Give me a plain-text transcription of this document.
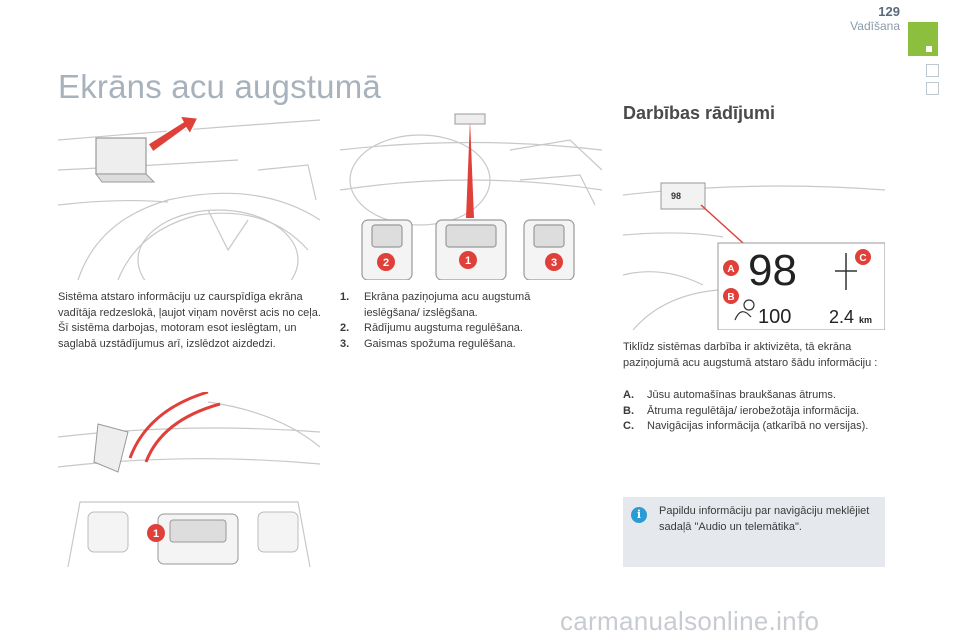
129
Vadīšana
Ekrāns acu augstumā
Darbības rādījumi
2	1	3
98
98
100 2.4 km
A
B
C
1
Sistēma atstaro informāciju uz caurspīdīga ekrāna vadītāja redzeslokā, ļaujot viņam novērst acis no ceļa.
Šī sistēma darbojas, motoram esot ieslēgtam, un saglabā uzstādījumus arī, izslēdzot aizdedzi.
1. Ekrāna paziņojuma acu augstumā ieslēgšana/ izslēgšana.
2. Rādījumu augstuma regulēšana.
3. Gaismas spožuma regulēšana.	Tiklīdz sistēmas darbība ir aktivizēta, tā ekrāna paziņojumā acu augstumā atstaro šādu informāciju :
A. Jūsu automašīnas braukšanas ātrums.
B. Ātruma regulētāja/ ierobežotāja informācija.
C. Navigācijas informācija (atkarībā no versijas).
i	Papildu informāciju par navigāciju meklējiet sadaļā "Audio un telemātika".
carmanualsonline.info
